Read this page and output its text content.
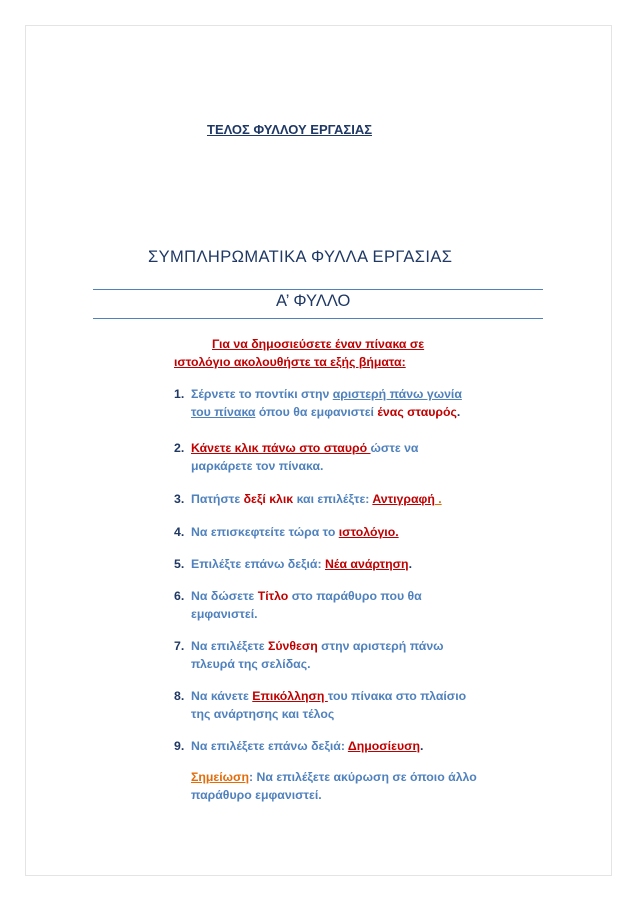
ΤΕΛΟΣ ΦΥΛΛΟΥ ΕΡΓΑΣΙΑΣ
ΣΥΜΠΛΗΡΩΜΑΤΙΚΑ ΦΥΛΛΑ ΕΡΓΑΣΙΑΣ
Α’ ΦΥΛΛΟ
Για να δημοσιεύσετε έναν πίνακα σε
ιστολόγιο ακολουθήστε τα εξής βήματα:
1. Σέρνετε το ποντίκι στην αριστερή πάνω γωνία
του πίνακα όπου θα εμφανιστεί ένας σταυρός.
2. Κάνετε κλικ πάνω στο σταυρό ώστε να
μαρκάρετε τον πίνακα.
3. Πατήστε δεξί κλικ και επιλέξτε: Αντιγραφή .
4. Να επισκεφτείτε τώρα το ιστολόγιο.
5. Επιλέξτε επάνω δεξιά: Νέα ανάρτηση.
6. Να δώσετε Τίτλο στο παράθυρο που θα
εμφανιστεί.
7. Να επιλέξετε Σύνθεση στην αριστερή πάνω
πλευρά της σελίδας.
8. Να κάνετε Επικόλληση του πίνακα στο πλαίσιο
της ανάρτησης και τέλος
9. Να επιλέξετε επάνω δεξιά: Δημοσίευση.
Σημείωση: Να επιλέξετε ακύρωση σε όποιο άλλο
παράθυρο εμφανιστεί.
